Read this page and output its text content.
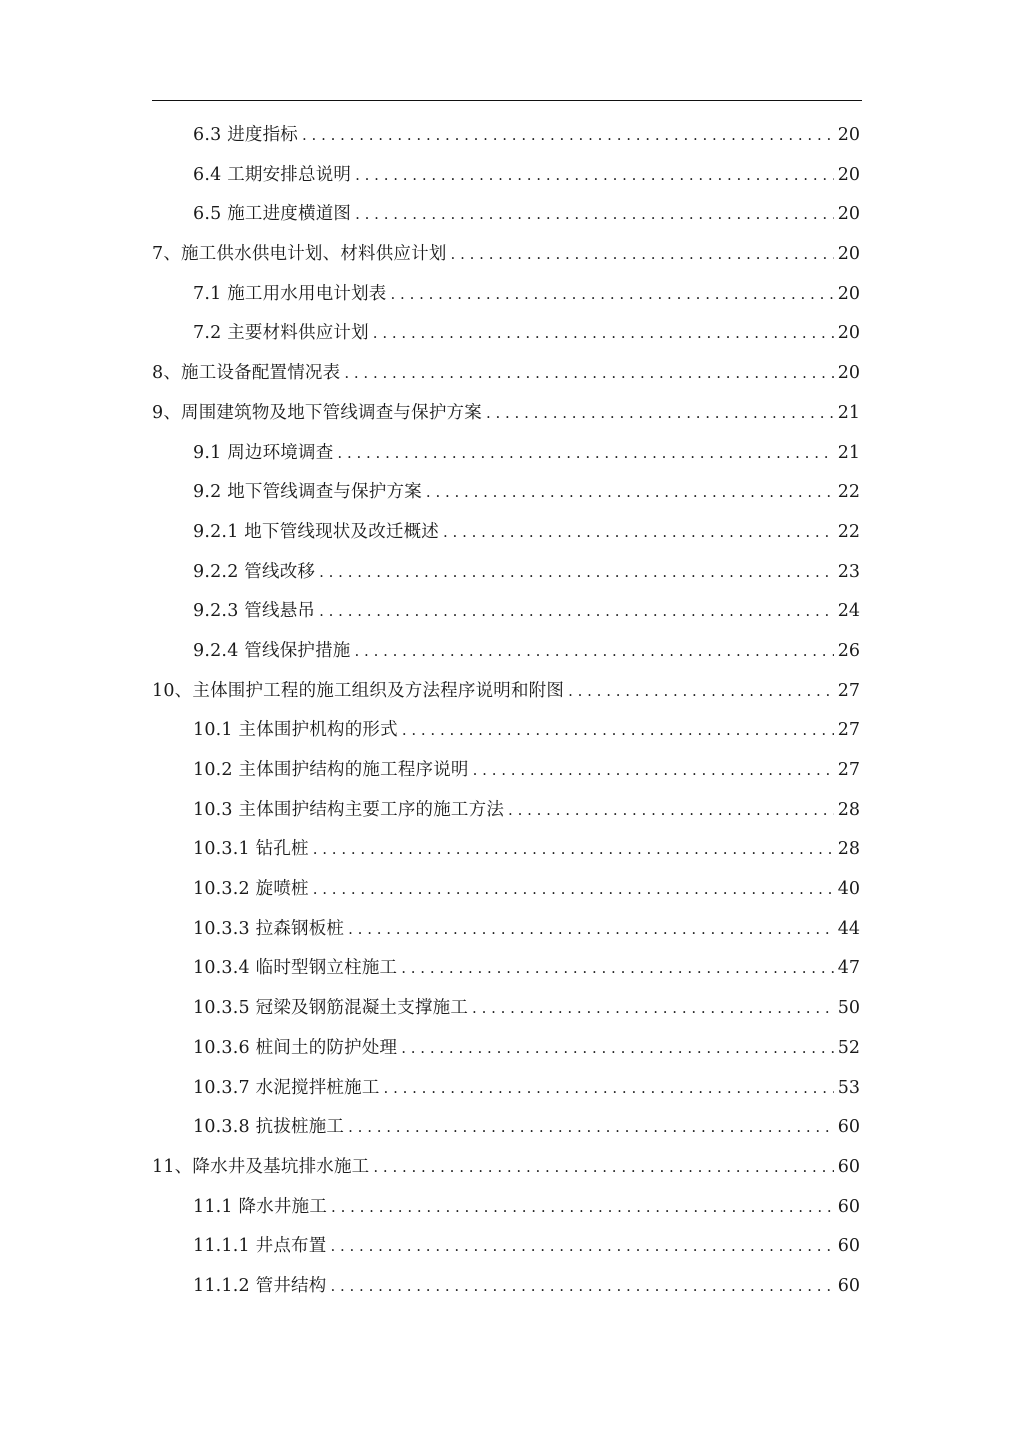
6.3 进度指标 . . .	20
6.4 工期安排总说明 . . .	20
6.5 施工进度横道图 . . .	20
7、施工供水供电计划、材料供应计划 . . .	20
7.1 施工用水用电计划表 . . .	20
7.2 主要材料供应计划 . . .	20
8、施工设备配置情况表 . . .	20
9、周围建筑物及地下管线调查与保护方案 . . .	21
9.1 周边环境调查 . . .	21
9.2 地下管线调查与保护方案 . . .	22
9.2.1 地下管线现状及改迁概述 . . .	22
9.2.2 管线改移 . . .	23
9.2.3 管线悬吊 . . .	24
9.2.4 管线保护措施 . . .	26
10、主体围护工程的施工组织及方法程序说明和附图 . . .	27
10.1 主体围护机构的形式 . . .	27
10.2 主体围护结构的施工程序说明 . . .	27
10.3 主体围护结构主要工序的施工方法 . . .	28
10.3.1 钻孔桩 . . .	28
10.3.2 旋喷桩 . . .	40
10.3.3 拉森钢板桩 . . .	44
10.3.4 临时型钢立柱施工 . . .	47
10.3.5 冠梁及钢筋混凝土支撑施工 . . .	50
10.3.6 桩间土的防护处理 . . .	52
10.3.7 水泥搅拌桩施工 . . .	53
10.3.8 抗拔桩施工 . . .	60
11、降水井及基坑排水施工 . . .	60
11.1 降水井施工 . . .	60
11.1.1 井点布置 . . .	60
11.1.2 管井结构 . . .	60
